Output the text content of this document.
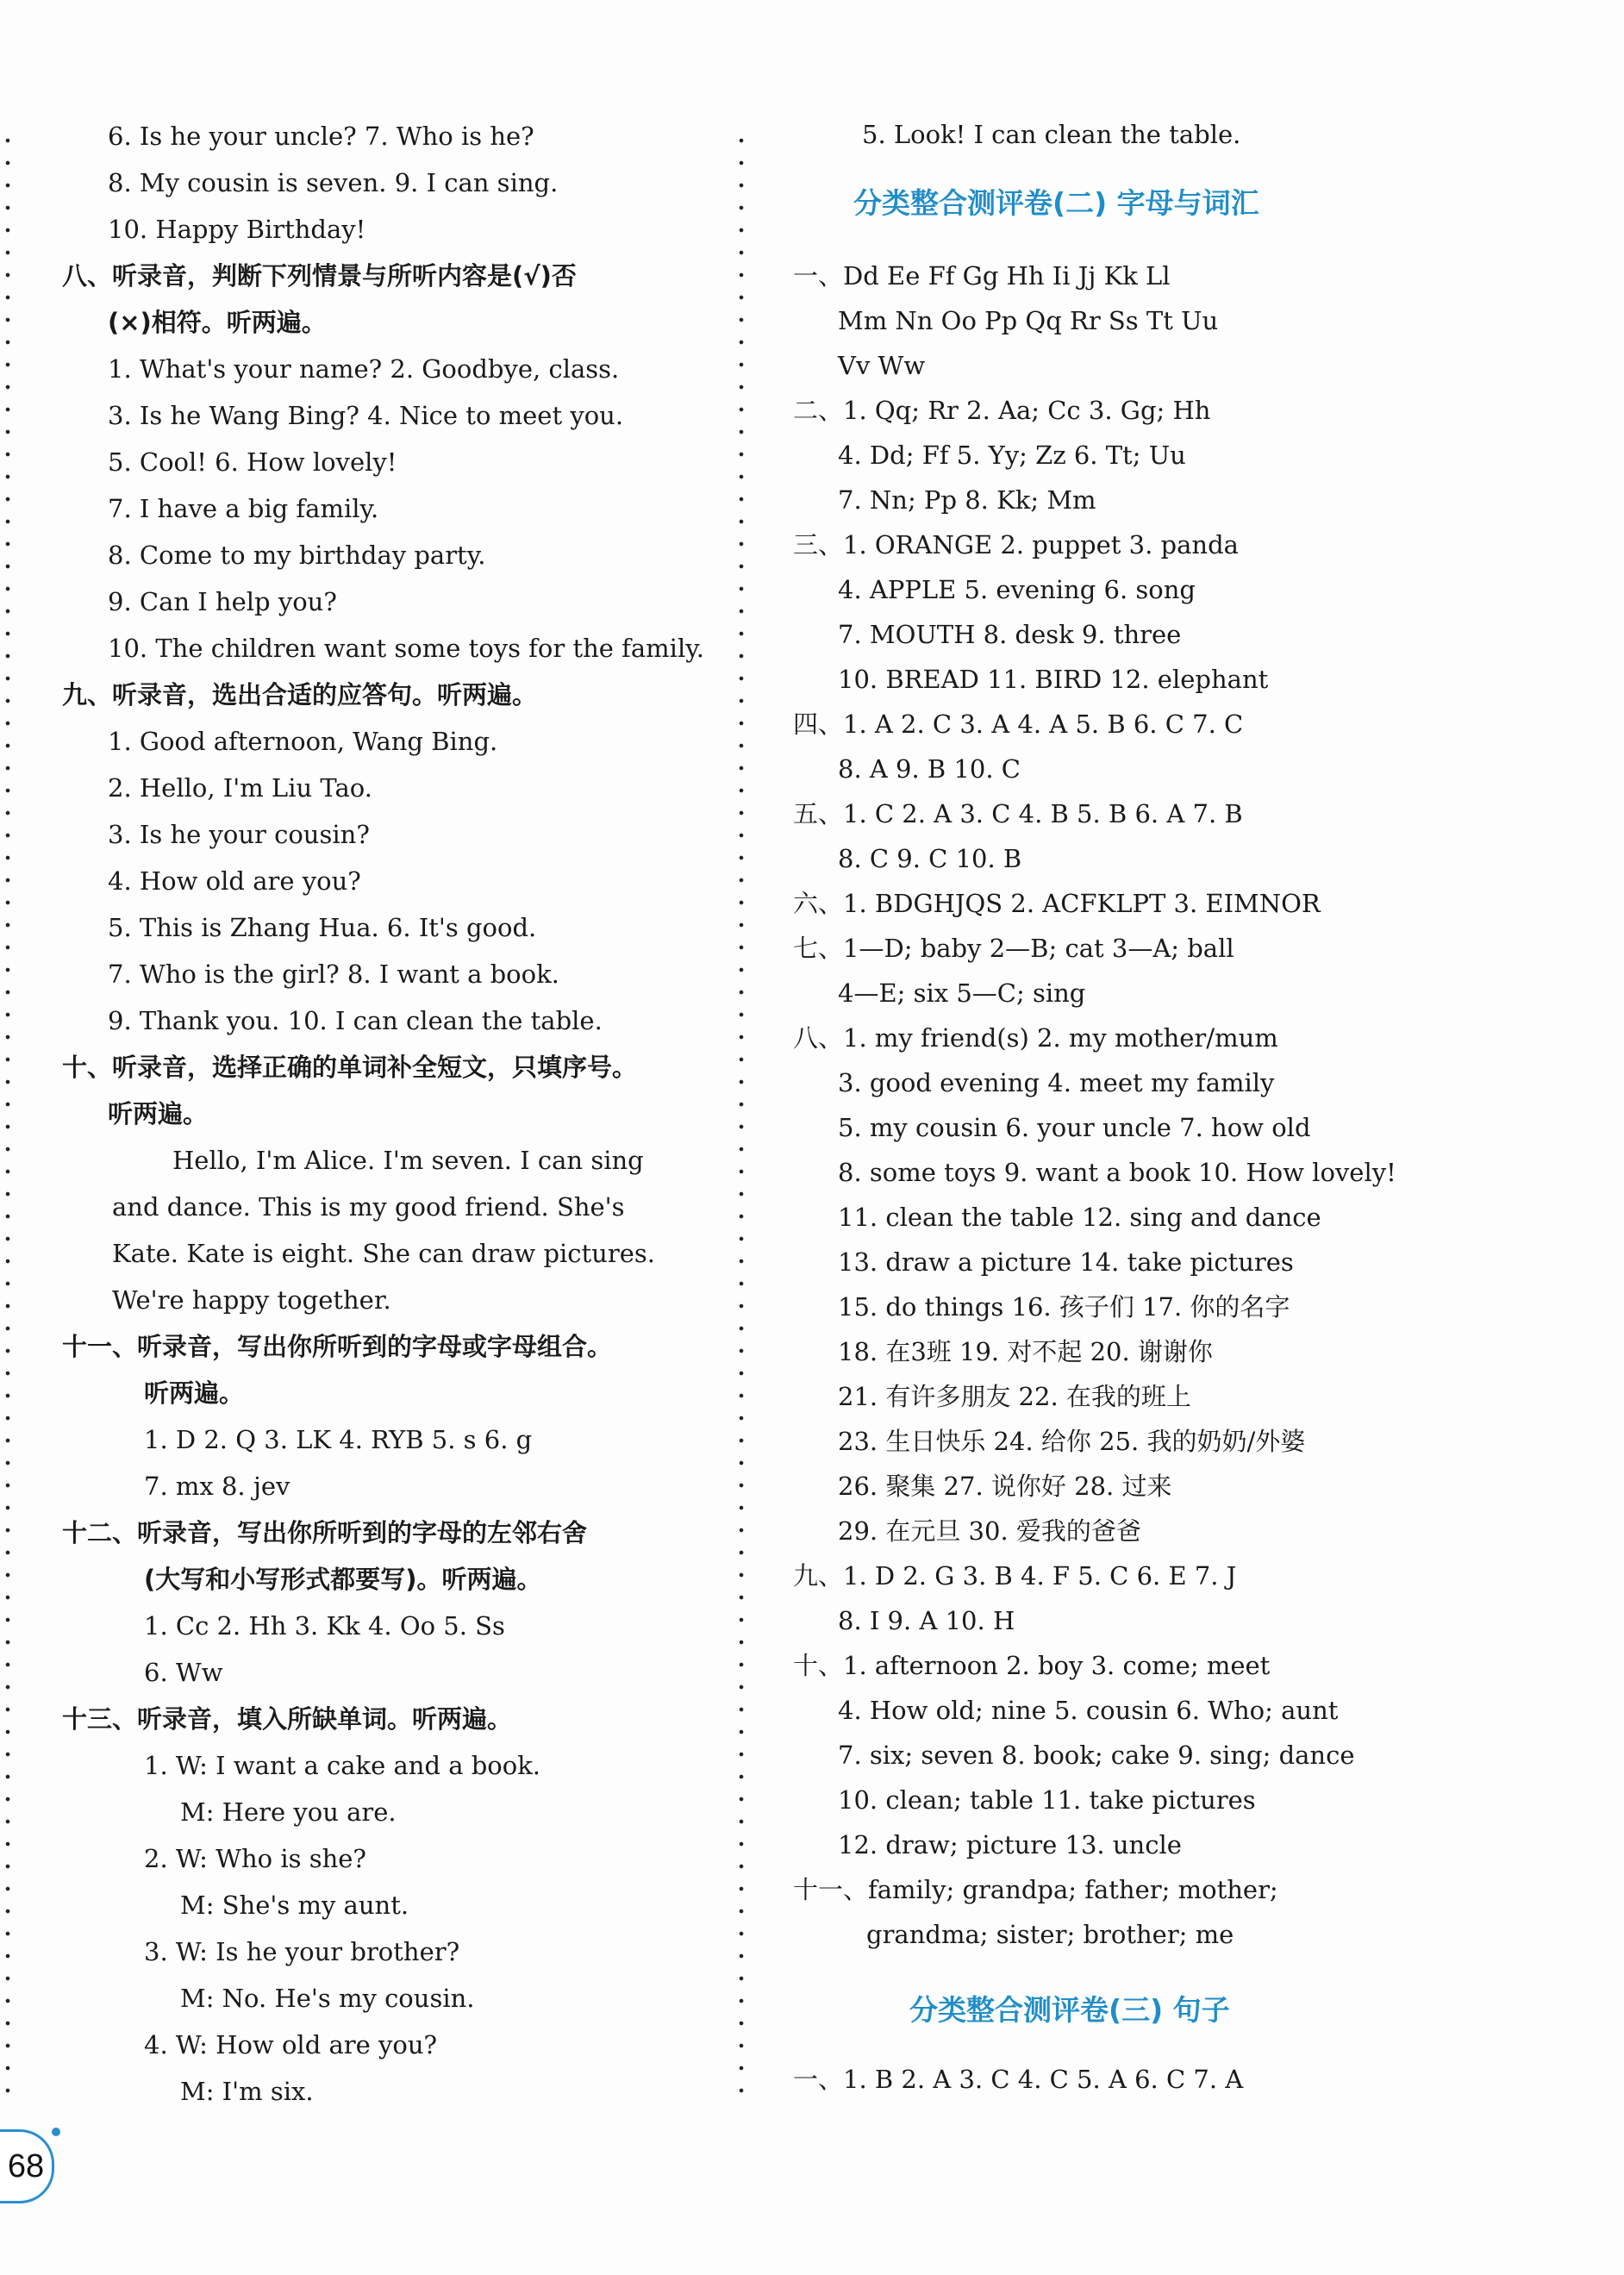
6. Is he your uncle? 7. Who is he?
8. My cousin is seven. 9. I can sing.
10. Happy Birthday!
八、听录音，判断下列情景与所听内容是(√)否
(×)相符。听两遍。
1. What's your name? 2. Goodbye, class.
3. Is he Wang Bing? 4. Nice to meet you.
5. Cool! 6. How lovely!
7. I have a big family.
8. Come to my birthday party.
9. Can I help you?
10. The children want some toys for the family.
九、听录音，选出合适的应答句。听两遍。
1. Good afternoon, Wang Bing.
2. Hello, I'm Liu Tao.
3. Is he your cousin?
4. How old are you?
5. This is Zhang Hua. 6. It's good.
7. Who is the girl? 8. I want a book.
9. Thank you. 10. I can clean the table.
十、听录音，选择正确的单词补全短文，只填序号。
听两遍。
Hello, I'm Alice. I'm seven. I can sing
and dance. This is my good friend. She's
Kate. Kate is eight. She can draw pictures.
We're happy together.
十一、听录音，写出你所听到的字母或字母组合。
听两遍。
1. D 2. Q 3. LK 4. RYB 5. s 6. g
7. mx 8. jev
十二、听录音，写出你所听到的字母的左邻右舍
(大写和小写形式都要写)。听两遍。
1. Cc 2. Hh 3. Kk 4. Oo 5. Ss
6. Ww
十三、听录音，填入所缺单词。听两遍。
1. W: I want a cake and a book.
M: Here you are.
2. W: Who is she?
M: She's my aunt.
3. W: Is he your brother?
M: No. He's my cousin.
4. W: How old are you?
M: I'm six.
5. Look! I can clean the table.
分类整合测评卷(二) 字母与词汇
一、Dd Ee Ff Gg Hh Ii Jj Kk Ll
Mm Nn Oo Pp Qq Rr Ss Tt Uu
Vv Ww
二、1. Qq; Rr 2. Aa; Cc 3. Gg; Hh
4. Dd; Ff 5. Yy; Zz 6. Tt; Uu
7. Nn; Pp 8. Kk; Mm
三、1. ORANGE 2. puppet 3. panda
4. APPLE 5. evening 6. song
7. MOUTH 8. desk 9. three
10. BREAD 11. BIRD 12. elephant
四、1. A 2. C 3. A 4. A 5. B 6. C 7. C
8. A 9. B 10. C
五、1. C 2. A 3. C 4. B 5. B 6. A 7. B
8. C 9. C 10. B
六、1. BDGHJQS 2. ACFKLPT 3. EIMNOR
七、1—D; baby 2—B; cat 3—A; ball
4—E; six 5—C; sing
八、1. my friend(s) 2. my mother/mum
3. good evening 4. meet my family
5. my cousin 6. your uncle 7. how old
8. some toys 9. want a book 10. How lovely!
11. clean the table 12. sing and dance
13. draw a picture 14. take pictures
15. do things 16. 孩子们 17. 你的名字
18. 在3班 19. 对不起 20. 谢谢你
21. 有许多朋友 22. 在我的班上
23. 生日快乐 24. 给你 25. 我的奶奶/外婆
26. 聚集 27. 说你好 28. 过来
29. 在元旦 30. 爱我的爸爸
九、1. D 2. G 3. B 4. F 5. C 6. E 7. J
8. I 9. A 10. H
十、1. afternoon 2. boy 3. come; meet
4. How old; nine 5. cousin 6. Who; aunt
7. six; seven 8. book; cake 9. sing; dance
10. clean; table 11. take pictures
12. draw; picture 13. uncle
十一、family; grandpa; father; mother;
grandma; sister; brother; me
分类整合测评卷(三) 句子
一、1. B 2. A 3. C 4. C 5. A 6. C 7. A
68
